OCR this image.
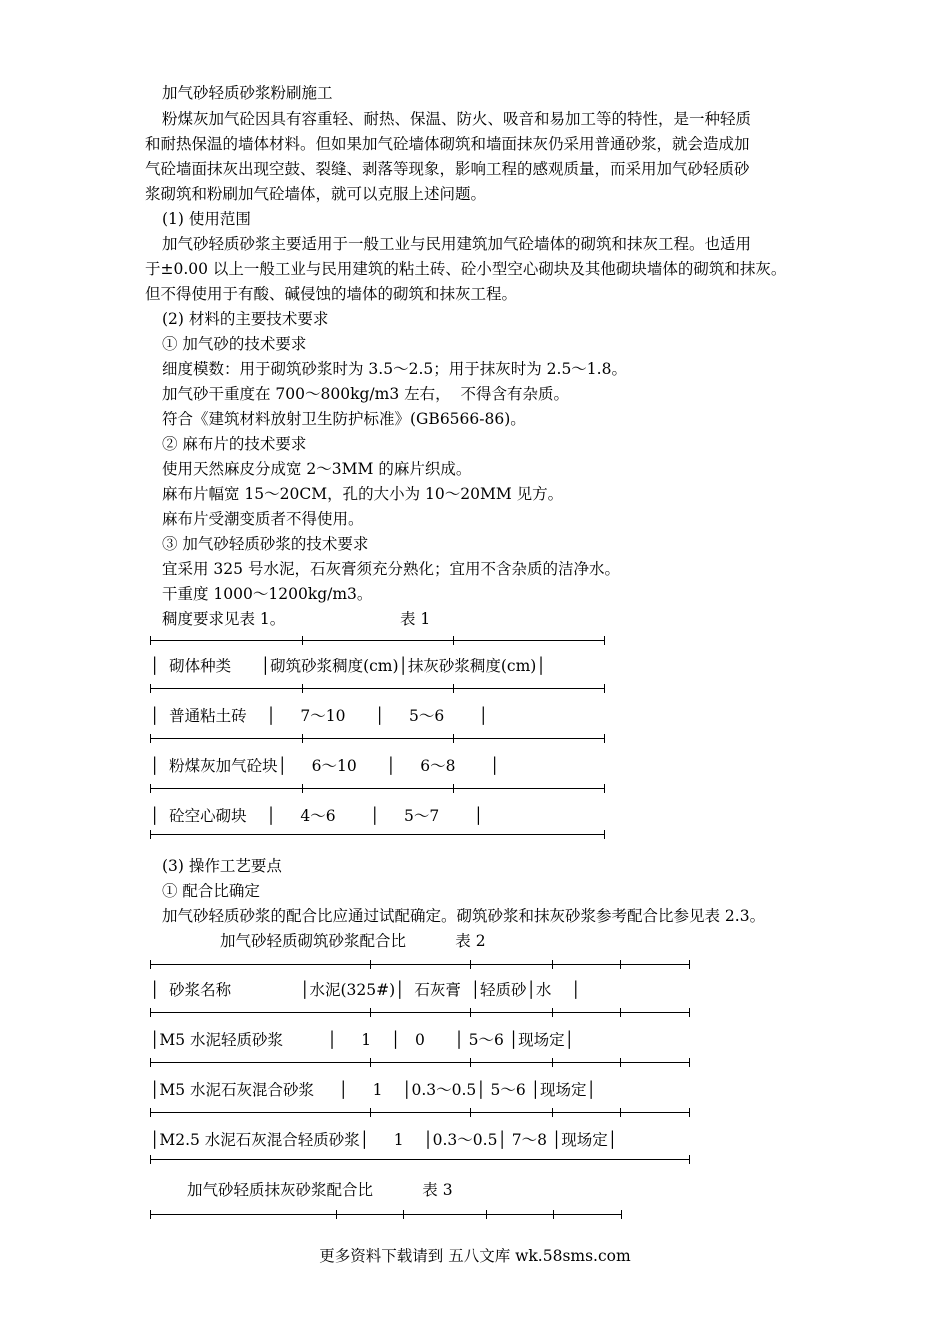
加气砂轻质砂浆粉刷施工
粉煤灰加气砼因具有容重轻、耐热、保温、防火、吸音和易加工等的特性，是一种轻质
和耐热保温的墙体材料。但如果加气砼墙体砌筑和墙面抹灰仍采用普通砂浆，就会造成加
气砼墙面抹灰出现空鼓、裂缝、剥落等现象，影响工程的感观质量，而采用加气砂轻质砂
浆砌筑和粉刷加气砼墙体，就可以克服上述问题。
(1) 使用范围
加气砂轻质砂浆主要适用于一般工业与民用建筑加气砼墙体的砌筑和抹灰工程。也适用
于±0.00 以上一般工业与民用建筑的粘土砖、砼小型空心砌块及其他砌块墙体的砌筑和抹灰。
但不得使用于有酸、碱侵蚀的墙体的砌筑和抹灰工程。
(2) 材料的主要技术要求
① 加气砂的技术要求
细度模数：用于砌筑砂浆时为 3.5～2.5；用于抹灰时为 2.5～1.8。
加气砂干重度在 700～800kg/m3 左右，  不得含有杂质。
符合《建筑材料放射卫生防护标准》(GB6566-86)。
② 麻布片的技术要求
使用天然麻皮分成宽 2～3MM 的麻片织成。
麻布片幅宽 15～20CM，孔的大小为 10～20MM 见方。
麻布片受潮变质者不得使用。
③ 加气砂轻质砂浆的技术要求
宜采用 325 号水泥，石灰膏须充分熟化；宜用不含杂质的洁净水。
干重度 1000～1200kg/m3。
稠度要求见表 1。	表 1
│  砌体种类      │砌筑砂浆稠度(cm)│抹灰砂浆稠度(cm)│
│  普通粘土砖    │     7～10      │     5～6       │
│  粉煤灰加气砼块│     6～10      │     6～8       │
│  砼空心砌块    │     4～6       │     5～7       │
(3) 操作工艺要点
① 配合比确定
加气砂轻质砂浆的配合比应通过试配确定。砌筑砂浆和抹灰砂浆参考配合比参见表 2.3。
加气砂轻质砌筑砂浆配合比          表 2
│  砂浆名称              │水泥(325#)│  石灰膏  │轻质砂│水    │
│M5 水泥轻质砂浆         │     1    │   0      │ 5～6 │现场定│
│M5 水泥石灰混合砂浆     │     1    │0.3～0.5│ 5～6 │现场定│
│M2.5 水泥石灰混合轻质砂浆│     1    │0.3～0.5│ 7～8 │现场定│
加气砂轻质抹灰砂浆配合比          表 3
更多资料下载请到 五八文库 wk.58sms.com
